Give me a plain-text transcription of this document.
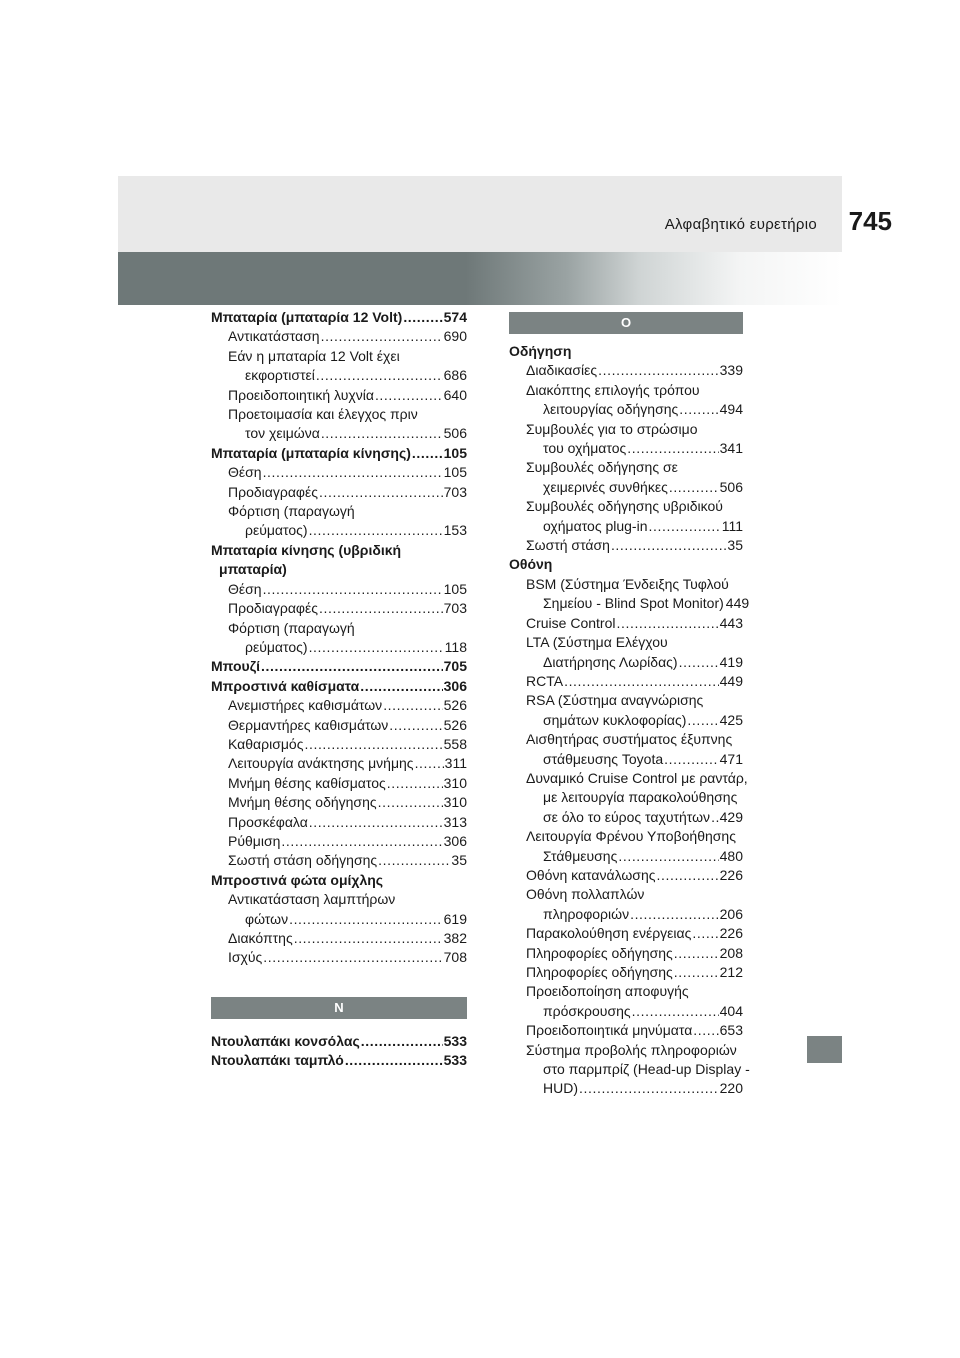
Αλφαβητικό ευρετήριο 745
Μπαταρία (μπαταρία 12 Volt) .....	574
Αντικατάσταση .....	690
Εάν η μπαταρία 12 Volt έχει
εκφορτιστεί .....	686
Προειδοποιητική λυχνία .....	640
Προετοιμασία και έλεγχος πριν
τον χειμώνα .....	506
Μπαταρία (μπαταρία κίνησης) ..... 105
Θέση .....	105
Προδιαγραφές .....	703
Φόρτιση (παραγωγή
ρεύματος) .....	153
Μπαταρία κίνησης (υβριδική
μπαταρία)
Θέση .....	105
Προδιαγραφές .....	703
Φόρτιση (παραγωγή
ρεύματος) .....	118
Μπουζί .....	705
Μπροστινά καθίσματα .....	306
Ανεμιστήρες καθισμάτων .....	526
Θερμαντήρες καθισμάτων .....	526
Καθαρισμός .....	558
Λειτουργία ανάκτησης μνήμης ..... 311
Μνήμη θέσης καθίσματος .....	310
Μνήμη θέσης οδήγησης .....	310
Προσκέφαλα .....	313
Ρύθμιση .....	306
Σωστή στάση οδήγησης .....	35
Μπροστινά φώτα ομίχλης
Αντικατάσταση λαμπτήρων
φώτων .....	619
Διακόπτης .....	382
Ισχύς .....	708
Ν
Ντουλαπάκι κονσόλας .....	533
Ντουλαπάκι ταμπλό .....	533
Ο
Οδήγηση
Διαδικασίες .....	339
Διακόπτης επιλογής τρόπου
λειτουργίας οδήγησης .....	494
Συμβουλές για το στρώσιμο
του οχήματος .....	341
Συμβουλές οδήγησης σε
χειμερινές συνθήκες .....	506
Συμβουλές οδήγησης υβριδικού
οχήματος plug-in .....	111
Σωστή στάση .....	35
Οθόνη
BSM (Σύστημα Ένδειξης Τυφλού
Σημείου - Blind Spot Monitor) 449
Cruise Control .....	443
LTA (Σύστημα Ελέγχου
Διατήρησης Λωρίδας) .....	419
RCTA .....	449
RSA (Σύστημα αναγνώρισης
σημάτων κυκλοφορίας) ..... 425
Αισθητήρας συστήματος έξυπνης
στάθμευσης Toyota .....	471
Δυναμικό Cruise Control με ραντάρ,
με λειτουργία παρακολούθησης
σε όλο το εύρος ταχυτήτων ..... 429
Λειτουργία Φρένου Υποβοήθησης
Στάθμευσης .....	480
Οθόνη κατανάλωσης .....	226
Οθόνη πολλαπλών
πληροφοριών .....	206
Παρακολούθηση ενέργειας ..... 226
Πληροφορίες οδήγησης .....	208
Πληροφορίες οδήγησης .....	212
Προειδοποίηση αποφυγής
πρόσκρουσης .....	404
Προειδοποιητικά μηνύματα ..... 653
Σύστημα προβολής πληροφοριών
στο παρμπρίζ (Head-up Display -
HUD) .....	220
